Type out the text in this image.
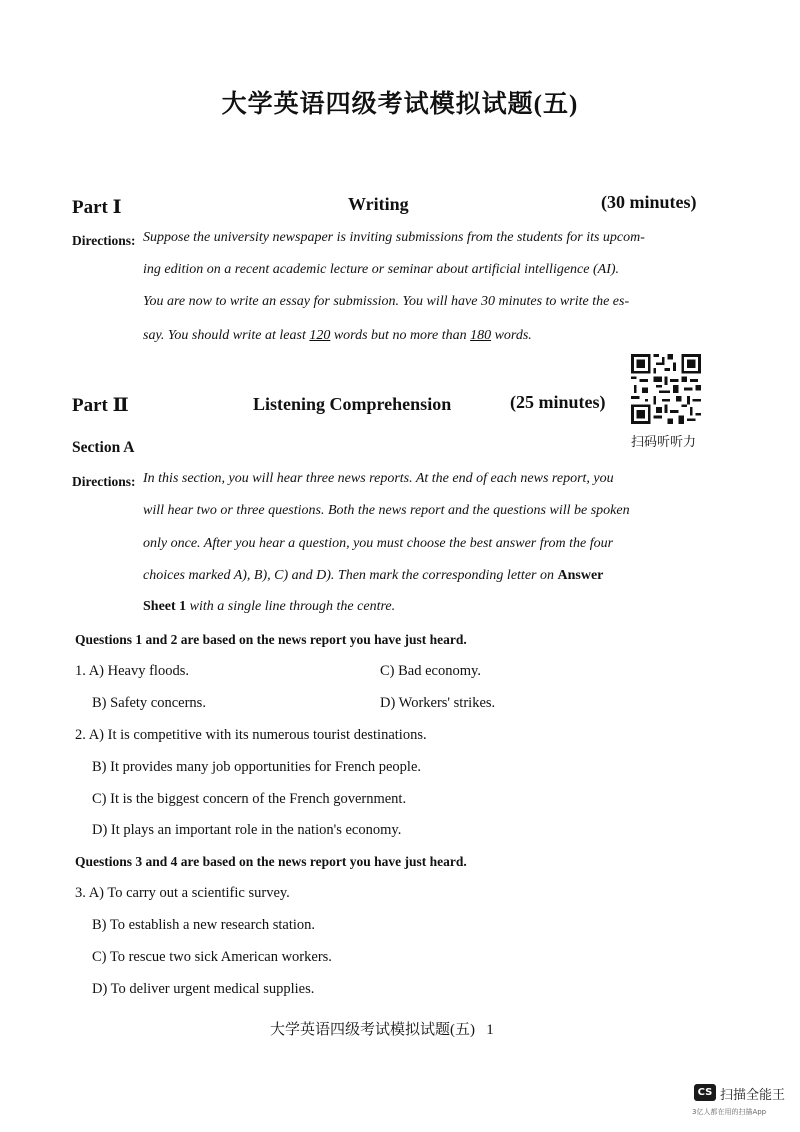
大学英语四级考试模拟试题(五)
Part Ⅰ	Writing	(30 minutes)
Directions: Suppose the university newspaper is inviting submissions from the students for its upcom-
ing edition on a recent academic lecture or seminar about artificial intelligence (AI).
You are now to write an essay for submission. You will have 30 minutes to write the es-
say. You should write at least 120 words but no more than 180 words.
Part Ⅱ	Listening Comprehension	(25 minutes)
扫码听听力
Section A
Directions: In this section, you will hear three news reports. At the end of each news report, you
will hear two or three questions. Both the news report and the questions will be spoken
only once. After you hear a question, you must choose the best answer from the four
choices marked A), B), C) and D). Then mark the corresponding letter on Answer
Sheet 1 with a single line through the centre.
Questions 1 and 2 are based on the news report you have just heard.
1. A) Heavy floods.	C) Bad economy.
B) Safety concerns.	D) Workers' strikes.
2. A) It is competitive with its numerous tourist destinations.
B) It provides many job opportunities for French people.
C) It is the biggest concern of the French government.
D) It plays an important role in the nation's economy.
Questions 3 and 4 are based on the news report you have just heard.
3. A) To carry out a scientific survey.
B) To establish a new research station.
C) To rescue two sick American workers.
D) To deliver urgent medical supplies.
大学英语四级考试模拟试题(五) 1
CS 扫描全能王
3亿人都在用的扫描App
